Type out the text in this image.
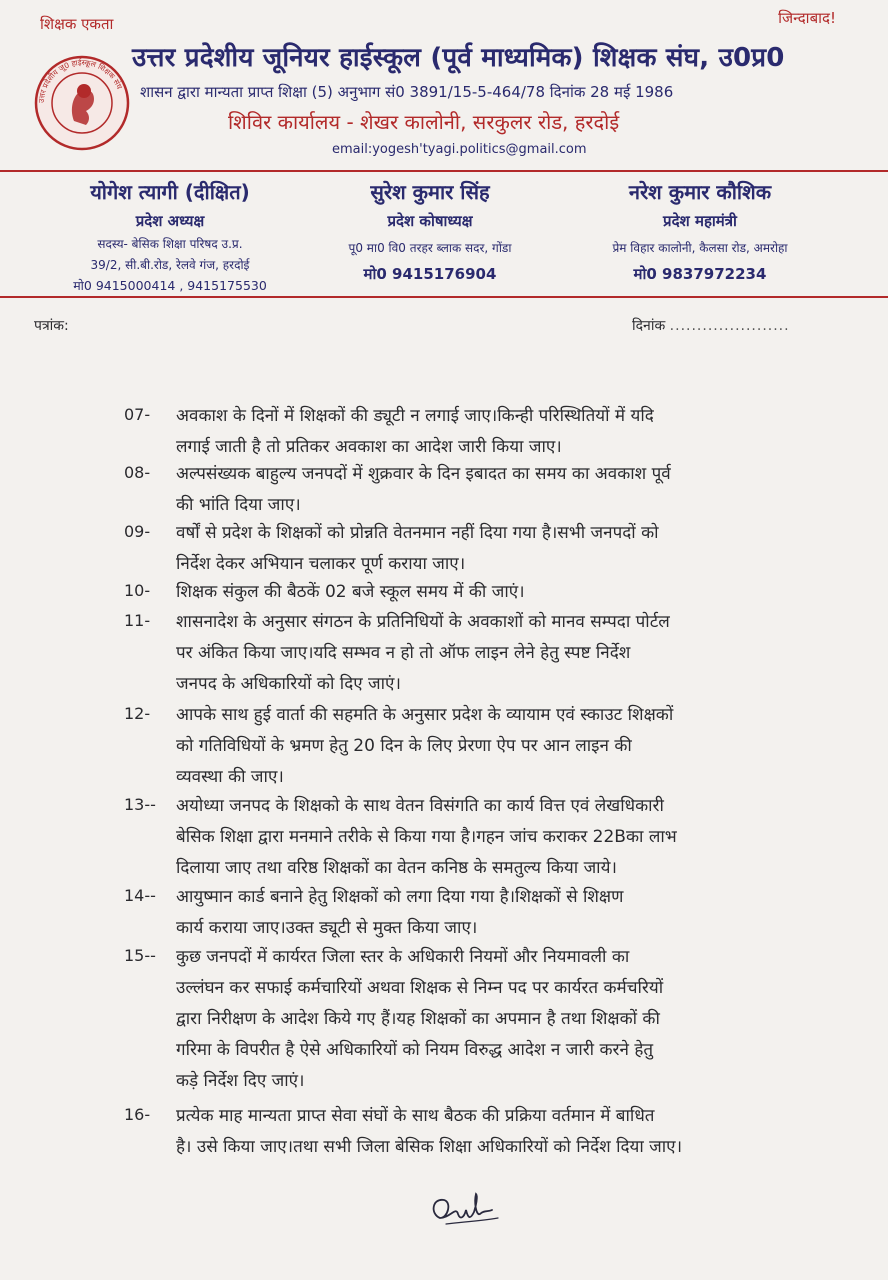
शिक्षक एकता	जिन्दाबाद!
उत्तर प्रदेशीय जू0 हाईस्कूल शिक्षक संघ
उत्तर प्रदेशीय जूनियर हाईस्कूल (पूर्व माध्यमिक) शिक्षक संघ, उ0प्र0
शासन द्वारा मान्यता प्राप्त शिक्षा (5) अनुभाग सं0 3891/15-5-464/78 दिनांक 28 मई 1986
शिविर कार्यालय - शेखर कालोनी, सरकुलर रोड, हरदोई
email:yogesh'tyagi.politics@gmail.com
योगेश त्यागी (दीक्षित)
प्रदेश अध्यक्ष
सदस्य- बेसिक शिक्षा परिषद उ.प्र.
39/2, सी.बी.रोड, रेलवे गंज, हरदोई
मो0 9415000414 , 9415175530
सुरेश कुमार सिंह
प्रदेश कोषाध्यक्ष
पू0 मा0 वि0 तरहर ब्लाक सदर, गोंडा
मो0 9415176904
नरेश कुमार कौशिक
प्रदेश महामंत्री
प्रेम विहार कालोनी, कैलसा रोड, अमरोहा
मो0 9837972234
पत्रांक:	दिनांक ......................
07- अवकाश के दिनों में शिक्षकों की ड्यूटी न लगाई जाए।किन्ही परिस्थितियों में यदि
लगाई जाती है तो प्रतिकर अवकाश का आदेश जारी किया जाए।
08- अल्पसंख्यक बाहुल्य जनपदों में शुक्रवार के दिन इबादत का समय का अवकाश पूर्व
की भांति दिया जाए।
09- वर्षों से प्रदेश के शिक्षकों को प्रोन्नति वेतनमान नहीं दिया गया है।सभी जनपदों को
निर्देश देकर अभियान चलाकर पूर्ण कराया जाए।
10- शिक्षक संकुल की बैठकें 02 बजे स्कूल समय में की जाएं।
11- शासनादेश के अनुसार संगठन के प्रतिनिधियों के अवकाशों को मानव सम्पदा पोर्टल
पर अंकित किया जाए।यदि सम्भव न हो तो ऑफ लाइन लेने हेतु स्पष्ट निर्देश
जनपद के अधिकारियों को दिए जाएं।
12- आपके साथ हुई वार्ता की सहमति के अनुसार प्रदेश के व्यायाम एवं स्काउट शिक्षकों
को गतिविधियों के भ्रमण हेतु 20 दिन के लिए प्रेरणा ऐप पर आन लाइन की
व्यवस्था की जाए।
13-- अयोध्या जनपद के शिक्षको के साथ वेतन विसंगति का कार्य वित्त एवं लेखधिकारी
बेसिक शिक्षा द्वारा मनमाने तरीके से किया गया है।गहन जांच कराकर 22Bका लाभ
दिलाया जाए तथा वरिष्ठ शिक्षकों का वेतन कनिष्ठ के समतुल्य किया जाये।
14-- आयुष्मान कार्ड बनाने हेतु शिक्षकों को लगा दिया गया है।शिक्षकों से शिक्षण
कार्य कराया जाए।उक्त ड्यूटी से मुक्त किया जाए।
15-- कुछ जनपदों में कार्यरत जिला स्तर के अधिकारी नियमों और नियमावली का
उल्लंघन कर सफाई कर्मचारियों अथवा शिक्षक से निम्न पद पर कार्यरत कर्मचरियों
द्वारा निरीक्षण के आदेश किये गए हैं।यह शिक्षकों का अपमान है तथा शिक्षकों की
गरिमा के विपरीत है ऐसे अधिकारियों को नियम विरुद्ध आदेश न जारी करने हेतु
कड़े निर्देश दिए जाएं।
16- प्रत्येक माह मान्यता प्राप्त सेवा संघों के साथ बैठक की प्रक्रिया वर्तमान में बाधित
है। उसे किया जाए।तथा सभी जिला बेसिक शिक्षा अधिकारियों को निर्देश दिया जाए।
